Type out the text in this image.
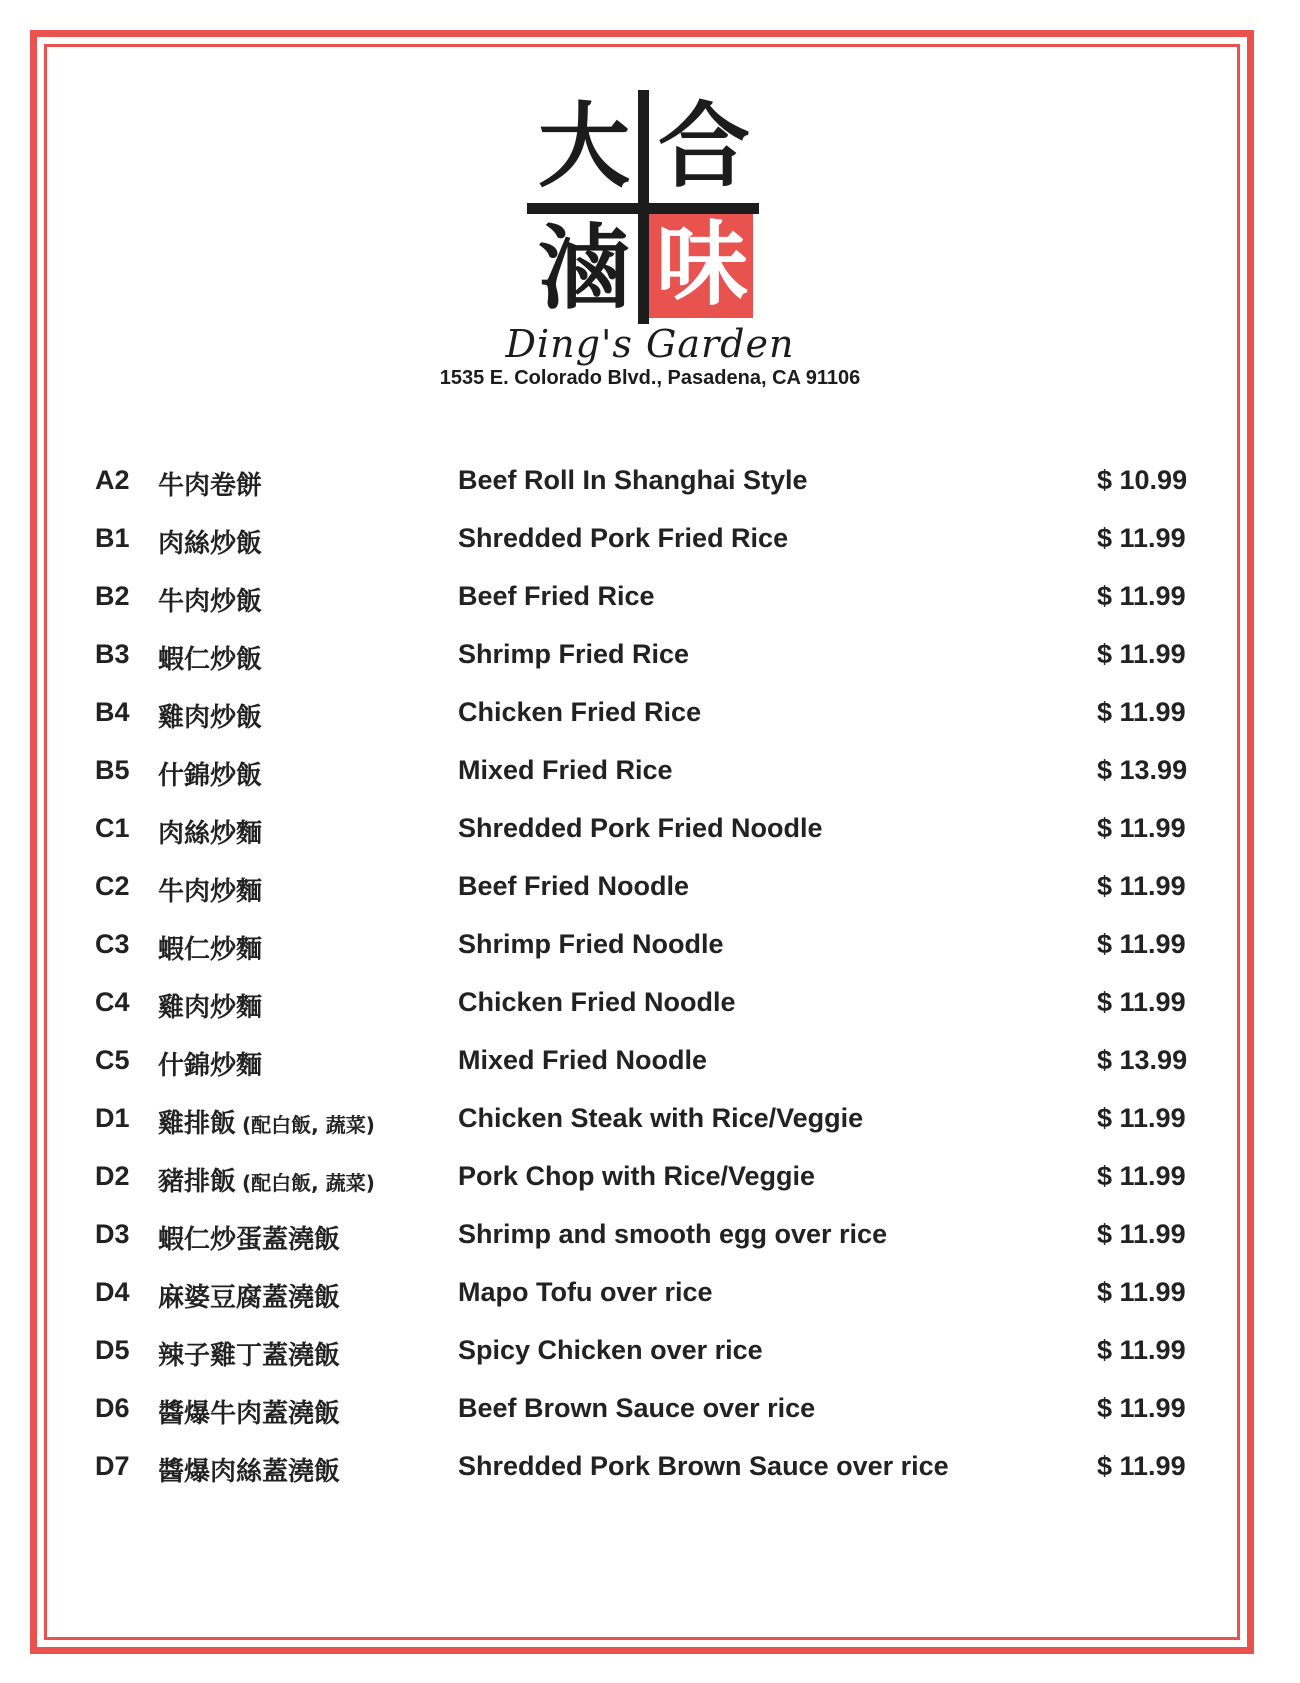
大 合
滷 味
Ding's Garden
1535 E. Colorado Blvd., Pasadena, CA 91106
A2 牛肉卷餅	Beef Roll In Shanghai Style	$ 10.99
B1 肉絲炒飯	Shredded Pork Fried Rice	$ 11.99
B2 牛肉炒飯	Beef Fried Rice	$ 11.99
B3 蝦仁炒飯	Shrimp Fried Rice	$ 11.99
B4 雞肉炒飯	Chicken Fried Rice	$ 11.99
B5 什錦炒飯	Mixed Fried Rice	$ 13.99
C1 肉絲炒麵	Shredded Pork Fried Noodle	$ 11.99
C2 牛肉炒麵	Beef Fried Noodle	$ 11.99
C3 蝦仁炒麵	Shrimp Fried Noodle	$ 11.99
C4 雞肉炒麵	Chicken Fried Noodle	$ 11.99
C5 什錦炒麵	Mixed Fried Noodle	$ 13.99
D1 雞排飯 (配白飯, 蔬菜)	Chicken Steak with Rice/Veggie	$ 11.99
D2 豬排飯 (配白飯, 蔬菜)	Pork Chop with Rice/Veggie	$ 11.99
D3 蝦仁炒蛋蓋澆飯	Shrimp and smooth egg over rice	$ 11.99
D4 麻婆豆腐蓋澆飯	Mapo Tofu over rice	$ 11.99
D5 辣子雞丁蓋澆飯	Spicy Chicken over rice	$ 11.99
D6 醬爆牛肉蓋澆飯	Beef Brown Sauce over rice	$ 11.99
D7 醬爆肉絲蓋澆飯	Shredded Pork Brown Sauce over rice	$ 11.99
